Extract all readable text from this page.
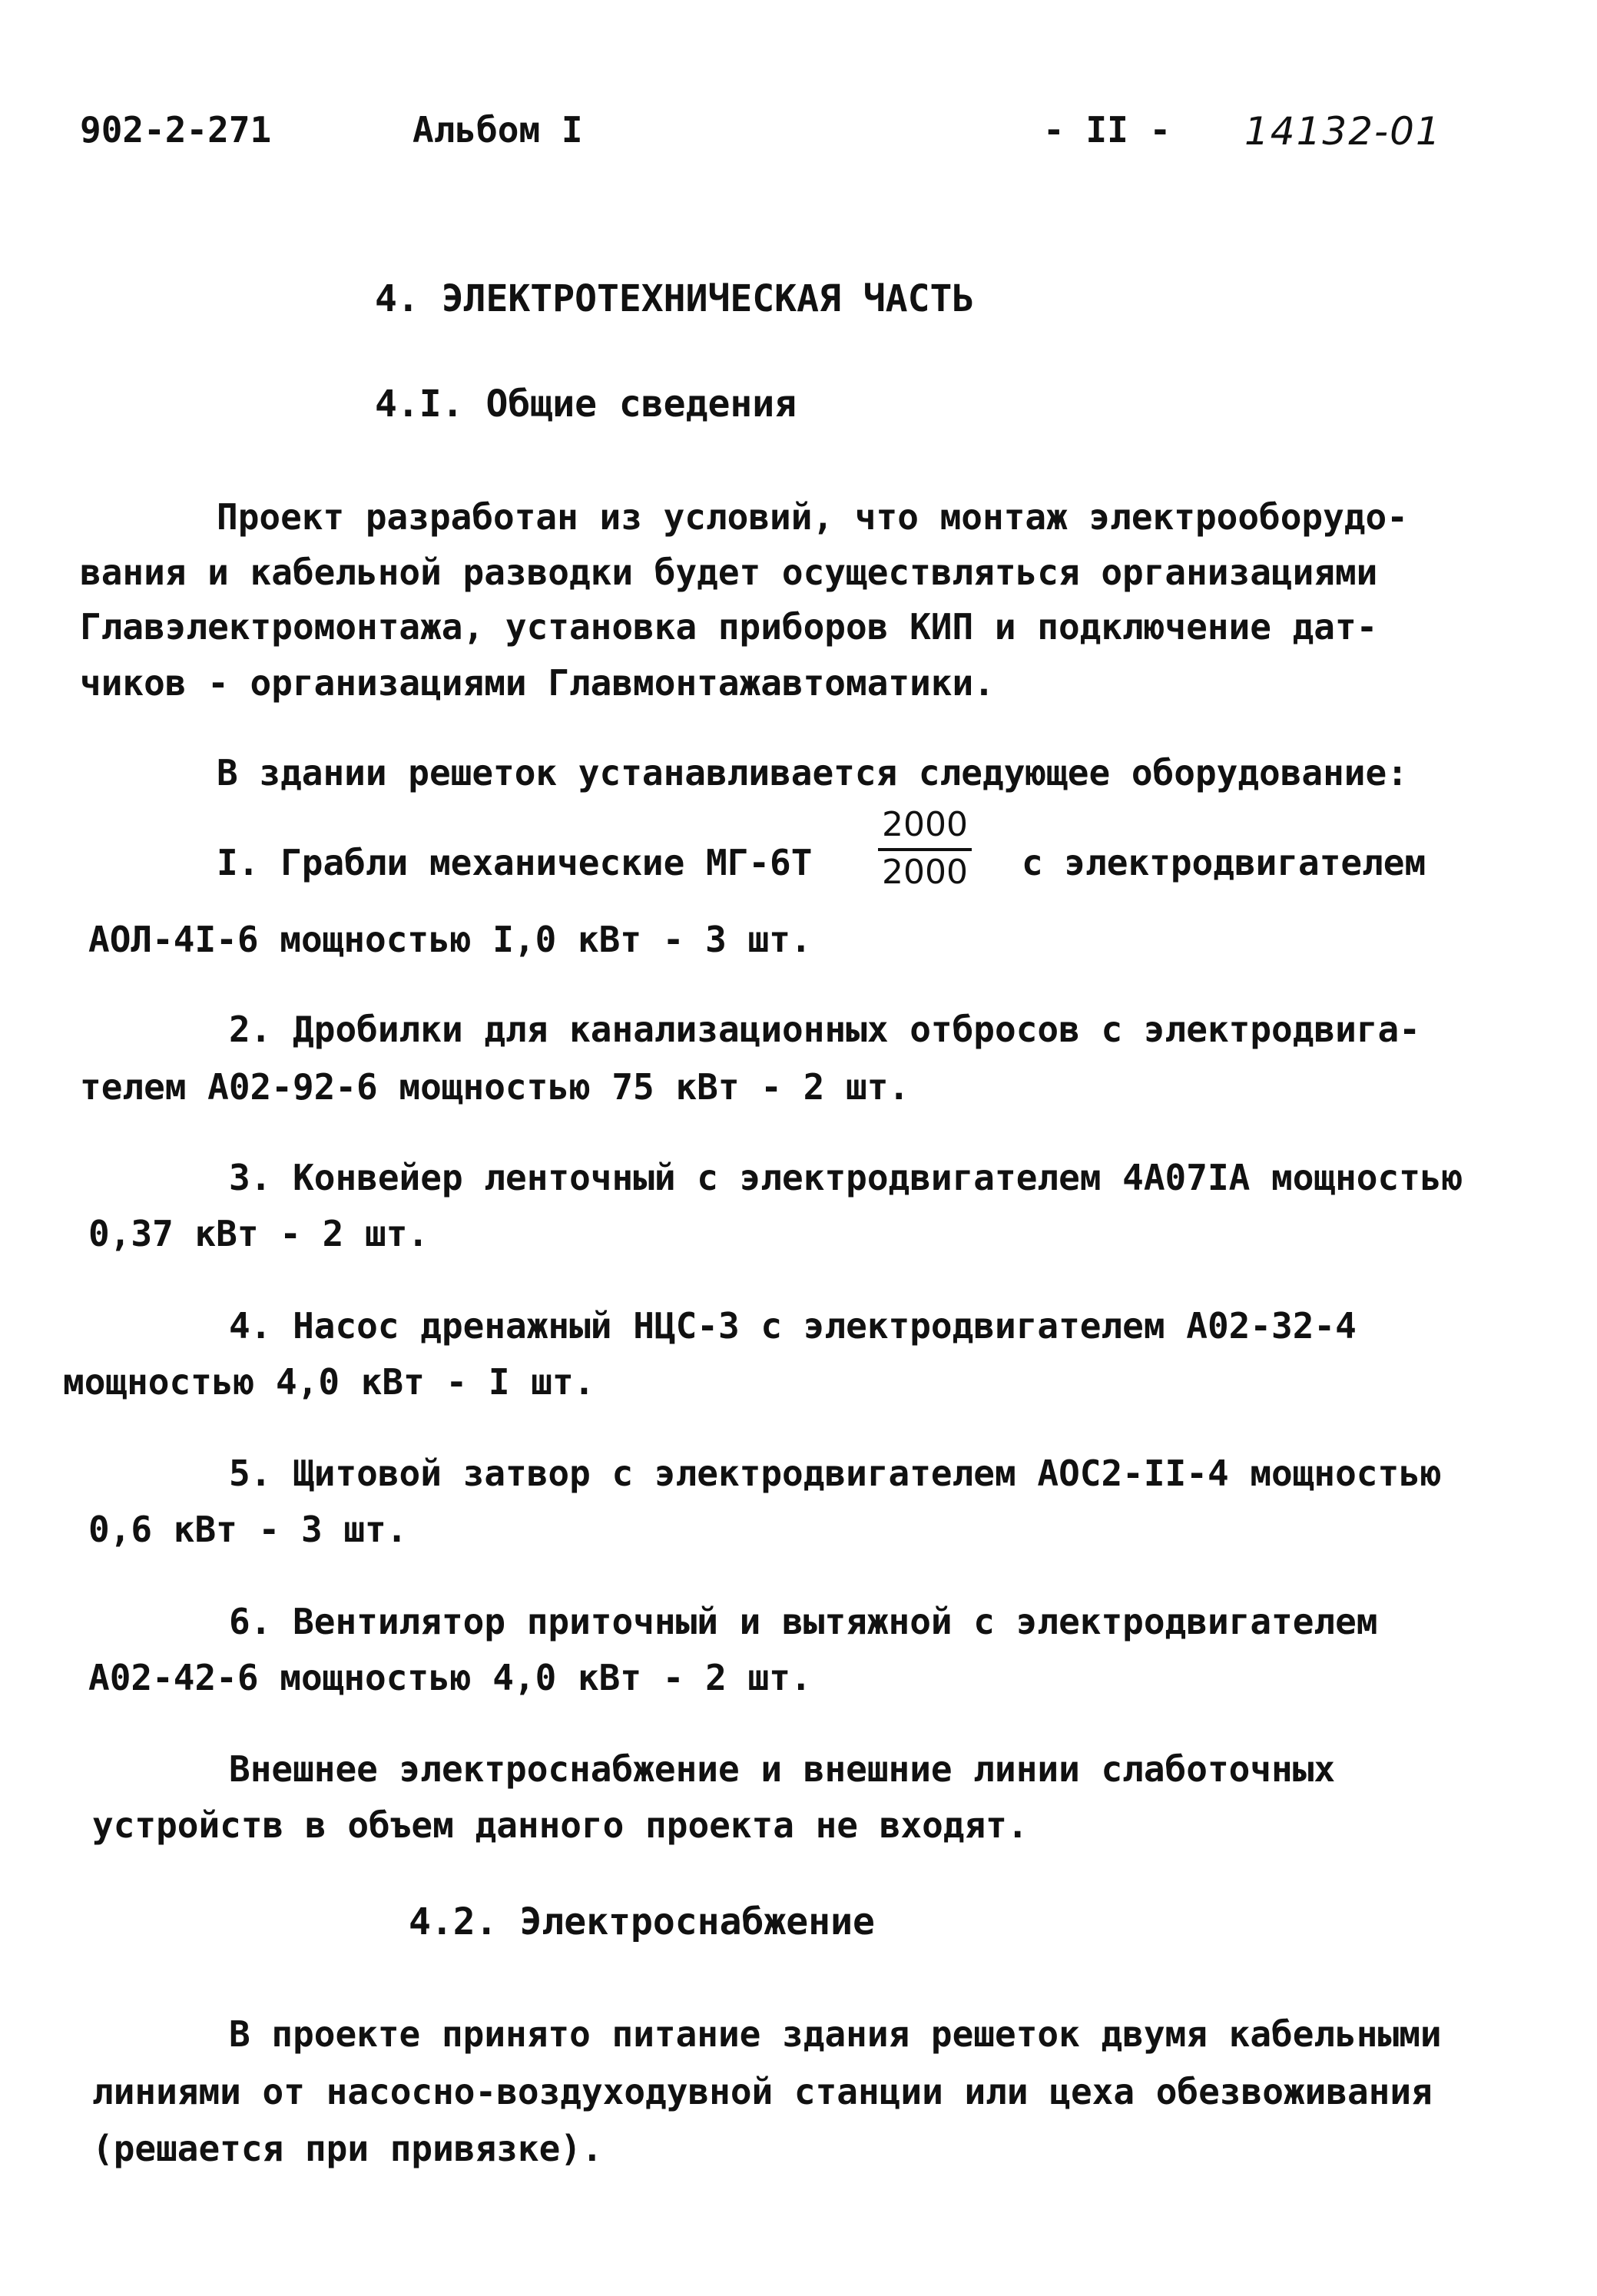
902-2-271	Альбом I	- II - 14132-01
4. ЭЛЕКТРОТЕХНИЧЕСКАЯ ЧАСТЬ
4.I. Общие сведения
Проект разработан из условий, что монтаж электрооборудо-
вания и кабельной разводки будет осуществляться организациями
Главэлектромонтажа, установка приборов КИП и подключение дат-
чиков - организациями Главмонтажавтоматики.
В здании решеток устанавливается следующее оборудование:
I. Грабли механические МГ-6Т
2000
2000 с электродвигателем
АОЛ-4I-6 мощностью I,0 кВт - 3 шт.
2. Дробилки для канализационных отбросов с электродвига-
телем А02-92-6 мощностью 75 кВт - 2 шт.
3. Конвейер ленточный с электродвигателем 4А07IА мощностью
0,37 кВт - 2 шт.
4. Насос дренажный НЦС-3 с электродвигателем А02-32-4
мощностью 4,0 кВт - I шт.
5. Щитовой затвор с электродвигателем АОС2-II-4 мощностью
0,6 кВт - 3 шт.
6. Вентилятор приточный и вытяжной с электродвигателем
А02-42-6 мощностью 4,0 кВт - 2 шт.
Внешнее электроснабжение и внешние линии слаботочных
устройств в объем данного проекта не входят.
4.2. Электроснабжение
В проекте принято питание здания решеток двумя кабельными
линиями от насосно-воздуходувной станции или цеха обезвоживания
(решается при привязке).
